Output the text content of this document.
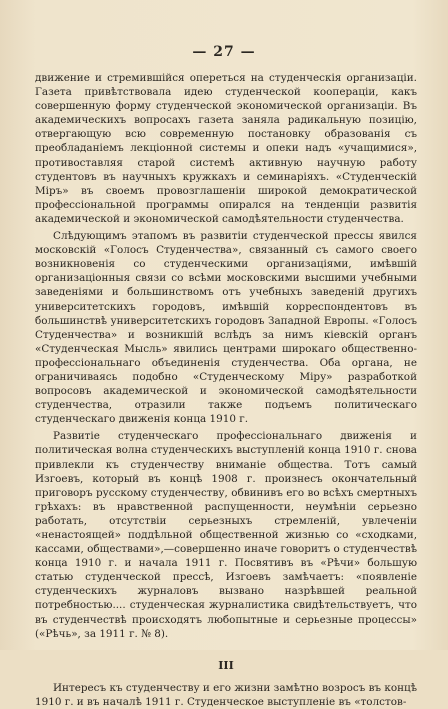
— 27 —

движение и стремившійся опереться на студенческія организаціи. Газета привѣтствовала идею студенческой коопераціи, какъ совершенную форму студенческой экономической организаціи. Въ академическихъ вопросахъ газета заняла радикальную позицію, отвергающую всю современную постановку образованія съ преобладаніемъ лекціонной системы и опеки надъ «учащимися», противоставляя старой системѣ активную научную работу студентовъ въ научныхъ кружкахъ и семинаріяхъ. «Студенческій Міръ» въ своемъ провозглашеніи широкой демократической профессіональной программы опирался на тенденціи развитія академической и экономической самодѣятельности студенчества.

Слѣдующимъ этапомъ въ развитіи студенческой прессы явился московскій «Голосъ Студенчества», связанный съ самого своего возникновенія со студенческими организаціями, имѣвшій организаціонныя связи со всѣми московскими высшими учебными заведеніями и большинствомъ отъ учебныхъ заведеній другихъ университетскихъ городовъ, имѣвшій корреспондентовъ въ большинствѣ университетскихъ городовъ Западной Европы. «Голосъ Студенчества» и возникшій вслѣдъ за нимъ кіевскій органъ «Студенческая Мысль» явились центрами широкаго общественно-профессіональнаго объединенія студенчества. Оба органа, не ограничиваясь подобно «Студенческому Міру» разработкой вопросовъ академической и экономической самодѣятельности студенчества, отразили также подъемъ политическаго студенческаго движенія конца 1910 г.

Развитіе студенческаго профессіональнаго движенія и политическая волна студенческихъ выступленій конца 1910 г. снова привлекли къ студенчеству вниманіе общества. Тотъ самый Изгоевъ, который въ концѣ 1908 г. произнесъ окончательный приговоръ русскому студенчеству, обвинивъ его во всѣхъ смертныхъ грѣхахъ: въ нравственной распущенности, неумѣніи серьезно работать, отсутствіи серьезныхъ стремленій, увлеченіи «ненастоящей» поддѣльной общественной жизнью со «сходками, кассами, обществами»,—совершенно иначе говоритъ о студенчествѣ конца 1910 г. и начала 1911 г. Посвятивъ въ «Рѣчи» большую статью студенческой прессѣ, Изгоевъ замѣчаетъ: «появленіе студенческихъ журналовъ вызвано назрѣвшей реальной потребностью.... студенческая журналистика свидѣтельствуетъ, что въ студенчествѣ происходятъ любопытные и серьезные процессы» («Рѣчь», за 1911 г. № 8).

III

Интересъ къ студенчеству и его жизни замѣтно возросъ въ концѣ 1910 г. и въ началѣ 1911 г. Студенческое выступленіе въ «толстов-
